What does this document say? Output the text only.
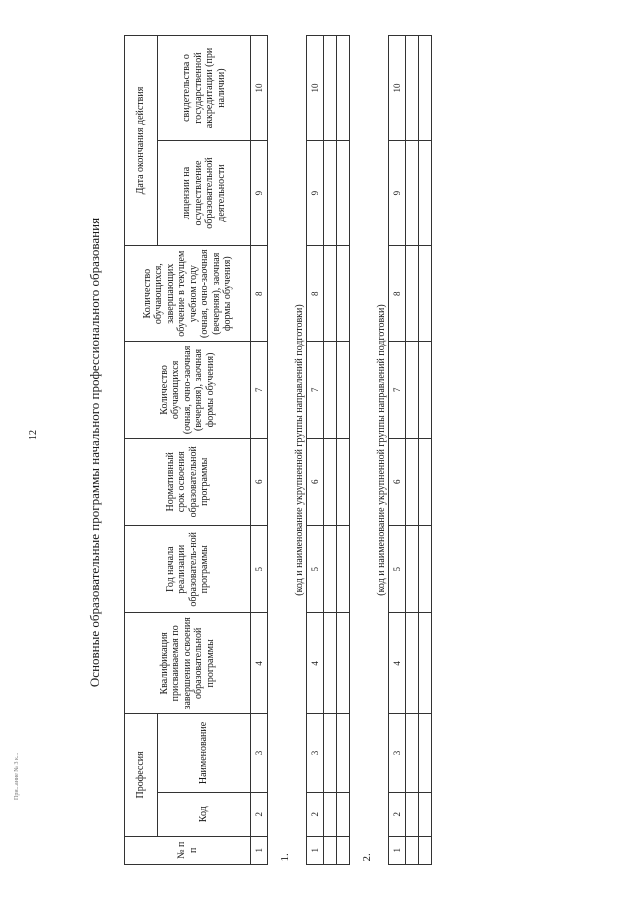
12	Основные образовательные программы начального профессионального образования
№ п п	Профессия		Квалификация присваиваемая по завершении освоения образовательной программы	Год начала реализации образователь-ной программы	Нормативный срок освоения образовательной программы	Количество обучающихся (очная, очно-заочная (вечерняя), заочная формы обучения)	Количество обучающихся, завершающих обучение в текущем учебном году (очная, очно-заочная (вечерняя), заочная формы обучения)	Дата окончания действия	
	Код	Наименование						лицензии на осуществление образовательной деятельности	свидетельства о государственной аккредитации (при наличии)
1	2	3	4	5	6	7	8	9	10
1.
(код и наименование укрупненной группы направлений подготовки)									

1	2	3	4	5	6	7	8	9	10

2.
(код и наименование укрупненной группы направлений подготовки)									

1	2	3	4	5	6	7	8	9	10

При...ание № 3 к...
